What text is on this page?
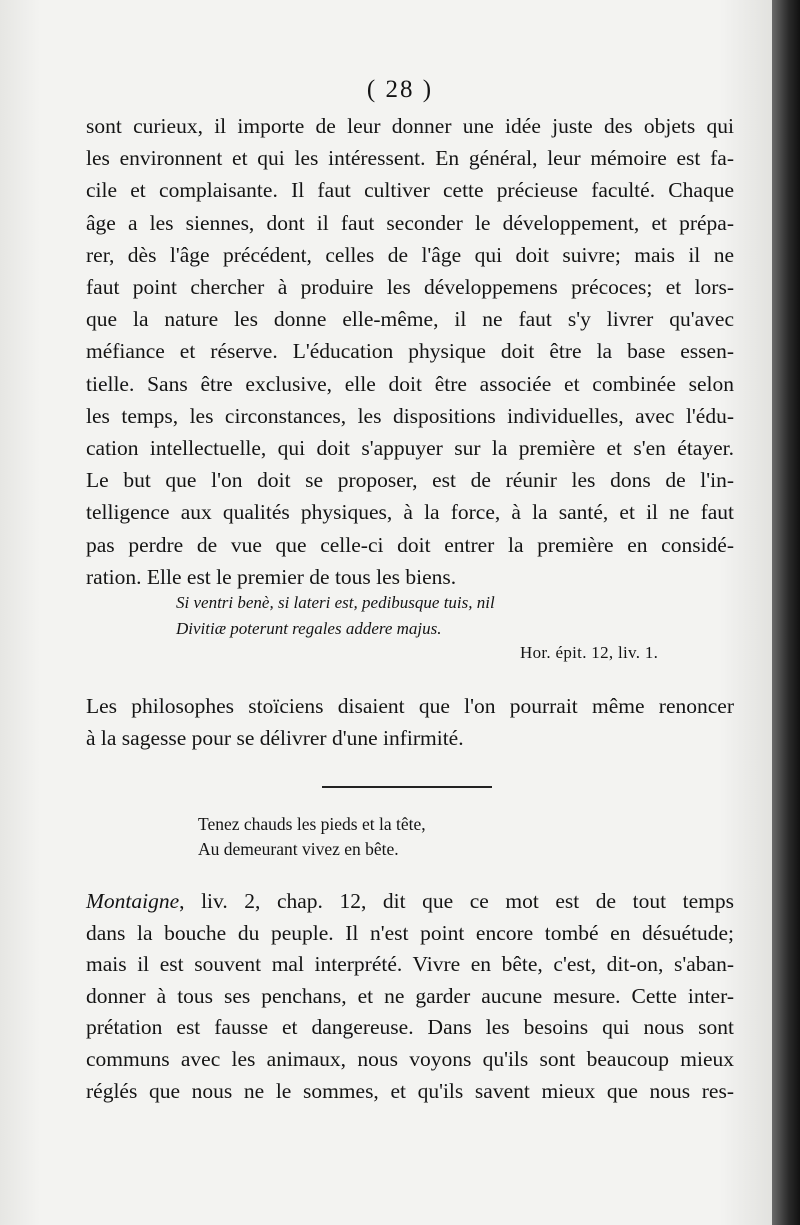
( 28 )
sont curieux, il importe de leur donner une idée juste des objets qui
les environnent et qui les intéressent. En général, leur mémoire est fa-
cile et complaisante. Il faut cultiver cette précieuse faculté. Chaque
âge a les siennes, dont il faut seconder le développement, et prépa-
rer, dès l'âge précédent, celles de l'âge qui doit suivre; mais il ne
faut point chercher à produire les développemens précoces; et lors-
que la nature les donne elle-même, il ne faut s'y livrer qu'avec
méfiance et réserve. L'éducation physique doit être la base essen-
tielle. Sans être exclusive, elle doit être associée et combinée selon
les temps, les circonstances, les dispositions individuelles, avec l'édu-
cation intellectuelle, qui doit s'appuyer sur la première et s'en étayer.
Le but que l'on doit se proposer, est de réunir les dons de l'in-
telligence aux qualités physiques, à la force, à la santé, et il ne faut
pas perdre de vue que celle-ci doit entrer la première en considé-
ration. Elle est le premier de tous les biens.
Si ventri benè, si lateri est, pedibusque tuis, nil
Divitiæ poterunt regales addere majus.
Hor. épit. 12, liv. 1.
Les philosophes stoïciens disaient que l'on pourrait même renoncer
à la sagesse pour se délivrer d'une infirmité.
Tenez chauds les pieds et la tête,
Au demeurant vivez en bête.
Montaigne, liv. 2, chap. 12, dit que ce mot est de tout temps
dans la bouche du peuple. Il n'est point encore tombé en désuétude;
mais il est souvent mal interprété. Vivre en bête, c'est, dit-on, s'aban-
donner à tous ses penchans, et ne garder aucune mesure. Cette inter-
prétation est fausse et dangereuse. Dans les besoins qui nous sont
communs avec les animaux, nous voyons qu'ils sont beaucoup mieux
réglés que nous ne le sommes, et qu'ils savent mieux que nous res-
